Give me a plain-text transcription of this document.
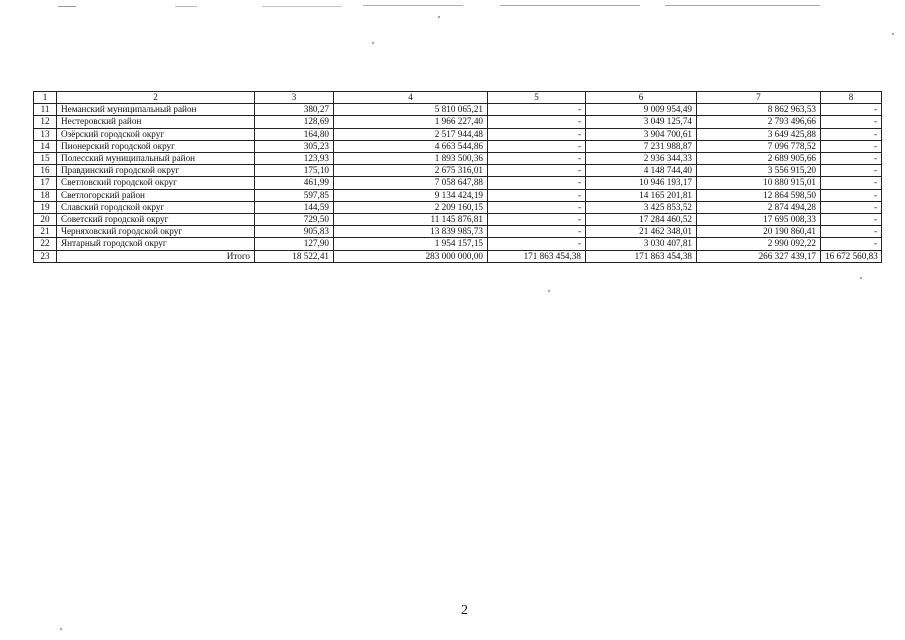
1	2	3	4	5	6	7	8
11	Неманский муниципальный район	380,27	5 810 065,21	-	9 009 954,49	8 862 963,53	-
12	Нестеровский район	128,69	1 966 227,40	-	3 049 125,74	2 793 496,66	-
13	Озёрский городской округ	164,80	2 517 944,48	-	3 904 700,61	3 649 425,88	-
14	Пионерский городской округ	305,23	4 663 544,86	-	7 231 988,87	7 096 778,52	-
15	Полесский муниципальный район	123,93	1 893 500,36	-	2 936 344,33	2 689 905,66	-
16	Правдинский городской округ	175,10	2 675 316,01	-	4 148 744,40	3 556 915,20	-
17	Светловский городской округ	461,99	7 058 647,88	-	10 946 193,17	10 880 915,01	-
18	Светлогорский район	597,85	9 134 424,19	-	14 165 201,81	12 864 598,50	-
19	Славский городской округ	144,59	2 209 160,15	-	3 425 853,52	2 874 494,28	-
20	Советский городской округ	729,50	11 145 876,81	-	17 284 460,52	17 695 008,33	-
21	Черняховский городской округ	905,83	13 839 985,73	-	21 462 348,01	20 190 860,41	-
22	Янтарный городской округ	127,90	1 954 157,15	-	3 030 407,81	2 990 092,22	-
23	Итого	18 522,41	283 000 000,00	171 863 454,38	171 863 454,38	266 327 439,17	16 672 560,83
2
